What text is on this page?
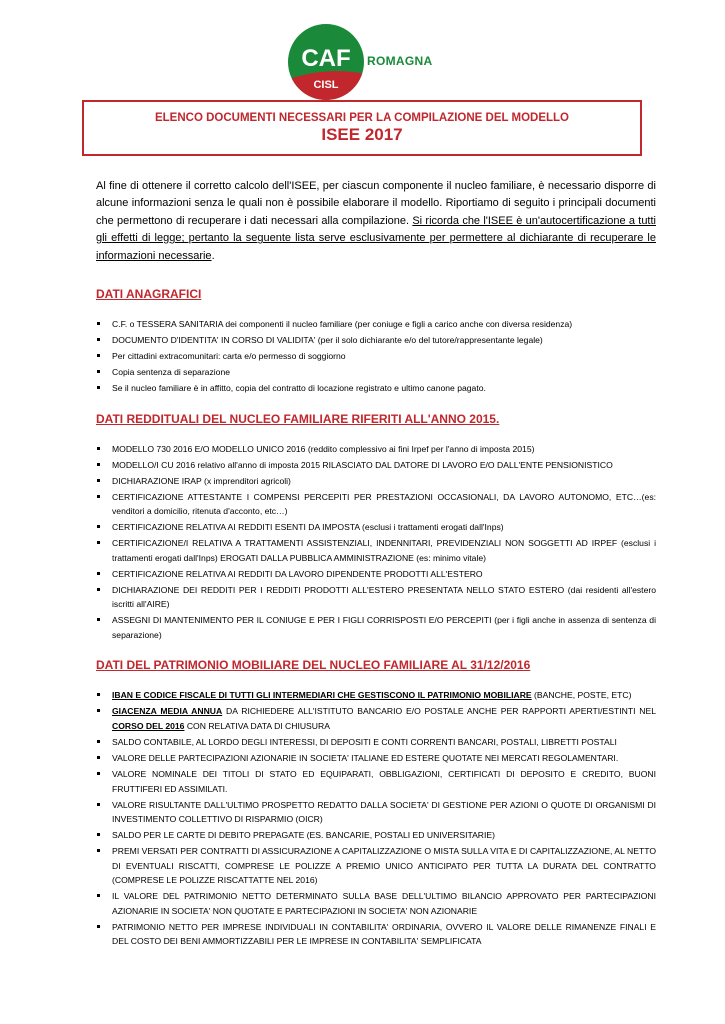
CAF
CISL
ROMAGNA
ELENCO DOCUMENTI NECESSARI PER LA COMPILAZIONE DEL MODELLO
ISEE 2017

Al fine di ottenere il corretto calcolo dell'ISEE, per ciascun componente il nucleo familiare, è necessario disporre di alcune informazioni senza le quali non è possibile elaborare il modello. Riportiamo di seguito i principali documenti che permettono di recuperare i dati necessari alla compilazione. Si ricorda che l'ISEE è un'autocertificazione a tutti gli effetti di legge; pertanto la seguente lista serve esclusivamente per permettere al dichiarante di recuperare le informazioni necessarie.

DATI ANAGRAFICI

C.F. o TESSERA SANITARIA dei componenti il nucleo familiare (per coniuge e figli a carico anche con diversa residenza)
DOCUMENTO D'IDENTITA' IN CORSO DI VALIDITA' (per il solo dichiarante e/o del tutore/rappresentante legale)
Per cittadini extracomunitari: carta e/o permesso di soggiorno
Copia sentenza di separazione
Se il nucleo familiare è in affitto, copia del contratto di locazione registrato e ultimo canone pagato.

DATI REDDITUALI DEL NUCLEO FAMILIARE RIFERITI ALL'ANNO 2015.

MODELLO 730 2016 E/O MODELLO UNICO 2016 (reddito complessivo ai fini Irpef per l'anno di imposta 2015)
MODELLO/I CU 2016 relativo all'anno di imposta 2015 RILASCIATO DAL DATORE DI LAVORO E/O DALL'ENTE PENSIONISTICO
DICHIARAZIONE IRAP (x imprenditori agricoli)
CERTIFICAZIONE ATTESTANTE I COMPENSI PERCEPITI PER PRESTAZIONI OCCASIONALI, DA LAVORO AUTONOMO, ETC…(es: venditori a domicilio, ritenuta d'acconto, etc…)
CERTIFICAZIONE RELATIVA AI REDDITI ESENTI DA IMPOSTA (esclusi i trattamenti erogati dall'Inps)
CERTIFICAZIONE/I RELATIVA A TRATTAMENTI ASSISTENZIALI, INDENNITARI, PREVIDENZIALI NON SOGGETTI AD IRPEF (esclusi i trattamenti erogati dall'Inps) EROGATI DALLA PUBBLICA AMMINISTRAZIONE (es: minimo vitale)
CERTIFICAZIONE RELATIVA AI REDDITI DA LAVORO DIPENDENTE PRODOTTI ALL'ESTERO
DICHIARAZIONE DEI REDDITI PER I REDDITI PRODOTTI ALL'ESTERO PRESENTATA NELLO STATO ESTERO (dai residenti all'estero iscritti all'AIRE)
ASSEGNI DI MANTENIMENTO PER IL CONIUGE E PER I FIGLI CORRISPOSTI E/O PERCEPITI (per i figli anche in assenza di sentenza di separazione)

DATI DEL PATRIMONIO MOBILIARE DEL NUCLEO FAMILIARE AL 31/12/2016

IBAN E CODICE FISCALE DI TUTTI GLI INTERMEDIARI CHE GESTISCONO IL PATRIMONIO MOBILIARE (BANCHE, POSTE, ETC)
GIACENZA MEDIA ANNUA DA RICHIEDERE ALL'ISTITUTO BANCARIO E/O POSTALE ANCHE PER RAPPORTI APERTI/ESTINTI NEL CORSO DEL 2016 CON RELATIVA DATA DI CHIUSURA
SALDO CONTABILE, AL LORDO DEGLI INTERESSI, DI DEPOSITI E CONTI CORRENTI BANCARI, POSTALI, LIBRETTI POSTALI
VALORE DELLE PARTECIPAZIONI AZIONARIE IN SOCIETA' ITALIANE ED ESTERE QUOTATE NEI MERCATI REGOLAMENTARI.
VALORE NOMINALE DEI TITOLI DI STATO ED EQUIPARATI, OBBLIGAZIONI, CERTIFICATI DI DEPOSITO E CREDITO, BUONI FRUTTIFERI ED ASSIMILATI.
VALORE RISULTANTE DALL'ULTIMO PROSPETTO REDATTO DALLA SOCIETA' DI GESTIONE PER AZIONI O QUOTE DI ORGANISMI DI INVESTIMENTO COLLETTIVO DI RISPARMIO (OICR)
SALDO PER LE CARTE DI DEBITO PREPAGATE (ES. BANCARIE, POSTALI ED UNIVERSITARIE)
PREMI VERSATI PER CONTRATTI DI ASSICURAZIONE A CAPITALIZZAZIONE O MISTA SULLA VITA E DI CAPITALIZZAZIONE, AL NETTO DI EVENTUALI RISCATTI, COMPRESE LE POLIZZE A PREMIO UNICO ANTICIPATO PER TUTTA LA DURATA DEL CONTRATTO (COMPRESE LE POLIZZE RISCATTATTE NEL 2016)
IL VALORE DEL PATRIMONIO NETTO DETERMINATO SULLA BASE DELL'ULTIMO BILANCIO APPROVATO PER PARTECIPAZIONI AZIONARIE IN SOCIETA' NON QUOTATE E PARTECIPAZIONI IN SOCIETA' NON AZIONARIE
PATRIMONIO NETTO PER IMPRESE INDIVIDUALI IN CONTABILITA' ORDINARIA, OVVERO IL VALORE DELLE RIMANENZE FINALI E DEL COSTO DEI BENI AMMORTIZZABILI PER LE IMPRESE IN CONTABILITA' SEMPLIFICATA
